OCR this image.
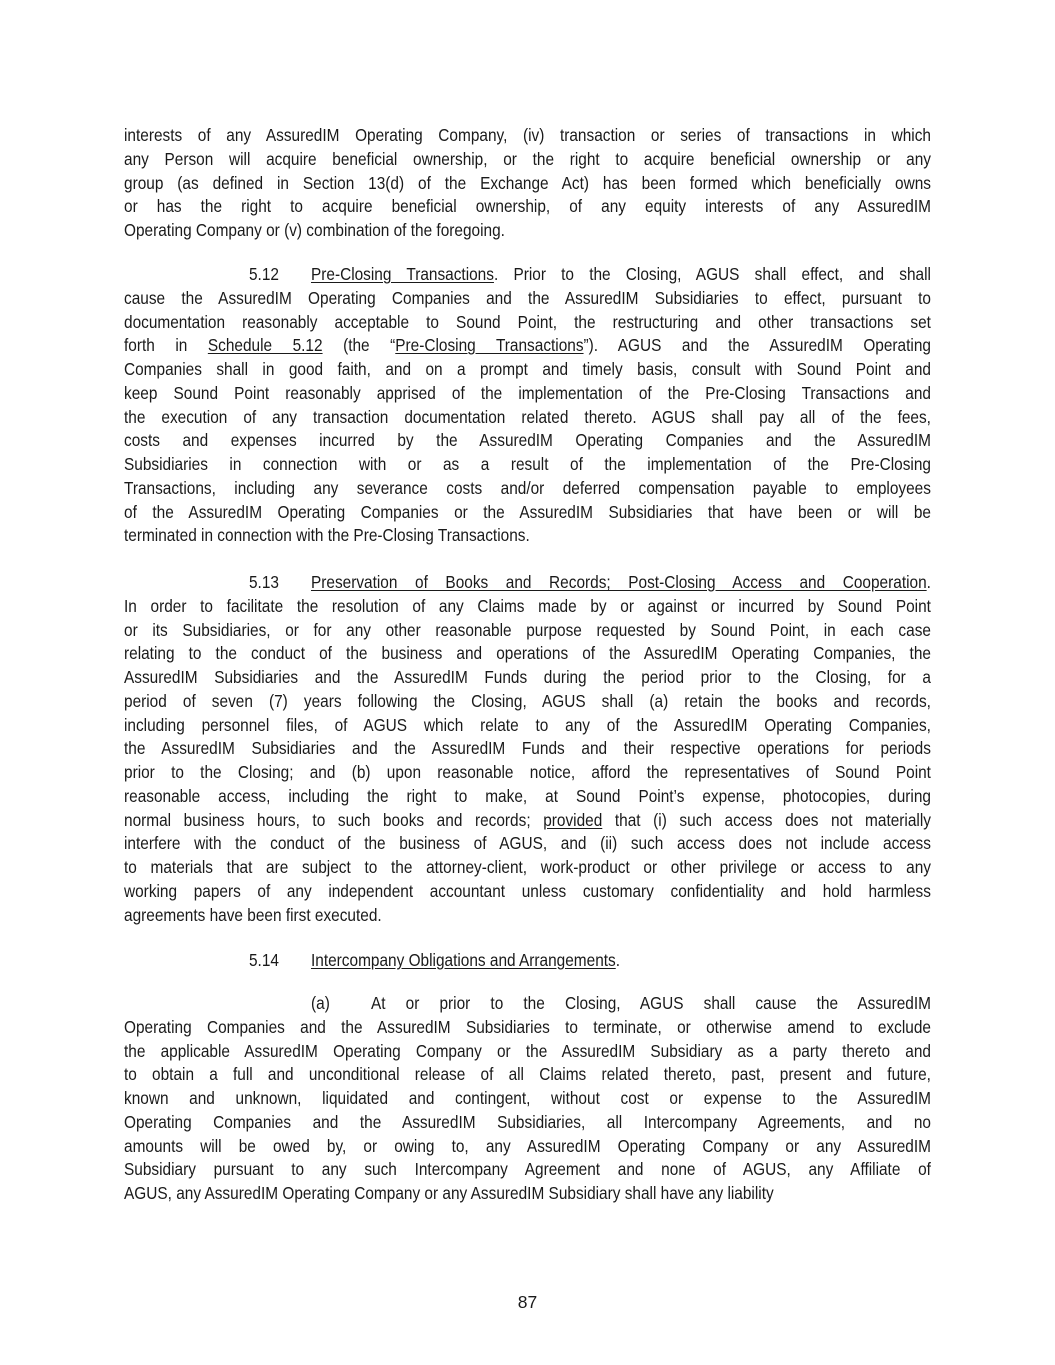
interests of any AssuredIM Operating Company, (iv) transaction or series of transactions in which
any Person will acquire beneficial ownership, or the right to acquire beneficial ownership or any
group (as defined in Section 13(d) of the Exchange Act) has been formed which beneficially owns
or has the right to acquire beneficial ownership, of any equity interests of any AssuredIM
Operating Company or (v) combination of the foregoing.
5.12 Pre-Closing Transactions. Prior to the Closing, AGUS shall effect, and shall
cause the AssuredIM Operating Companies and the AssuredIM Subsidiaries to effect, pursuant to
documentation reasonably acceptable to Sound Point, the restructuring and other transactions set
forth in Schedule 5.12 (the “Pre-Closing Transactions”). AGUS and the AssuredIM Operating
Companies shall in good faith, and on a prompt and timely basis, consult with Sound Point and
keep Sound Point reasonably apprised of the implementation of the Pre-Closing Transactions and
the execution of any transaction documentation related thereto. AGUS shall pay all of the fees,
costs and expenses incurred by the AssuredIM Operating Companies and the AssuredIM
Subsidiaries in connection with or as a result of the implementation of the Pre-Closing
Transactions, including any severance costs and/or deferred compensation payable to employees
of the AssuredIM Operating Companies or the AssuredIM Subsidiaries that have been or will be
terminated in connection with the Pre-Closing Transactions.
5.13 Preservation of Books and Records; Post-Closing Access and Cooperation.
In order to facilitate the resolution of any Claims made by or against or incurred by Sound Point
or its Subsidiaries, or for any other reasonable purpose requested by Sound Point, in each case
relating to the conduct of the business and operations of the AssuredIM Operating Companies, the
AssuredIM Subsidiaries and the AssuredIM Funds during the period prior to the Closing, for a
period of seven (7) years following the Closing, AGUS shall (a) retain the books and records,
including personnel files, of AGUS which relate to any of the AssuredIM Operating Companies,
the AssuredIM Subsidiaries and the AssuredIM Funds and their respective operations for periods
prior to the Closing; and (b) upon reasonable notice, afford the representatives of Sound Point
reasonable access, including the right to make, at Sound Point’s expense, photocopies, during
normal business hours, to such books and records; provided that (i) such access does not materially
interfere with the conduct of the business of AGUS, and (ii) such access does not include access
to materials that are subject to the attorney-client, work-product or other privilege or access to any
working papers of any independent accountant unless customary confidentiality and hold harmless
agreements have been first executed.
5.14 Intercompany Obligations and Arrangements.
(a) At or prior to the Closing, AGUS shall cause the AssuredIM
Operating Companies and the AssuredIM Subsidiaries to terminate, or otherwise amend to exclude
the applicable AssuredIM Operating Company or the AssuredIM Subsidiary as a party thereto and
to obtain a full and unconditional release of all Claims related thereto, past, present and future,
known and unknown, liquidated and contingent, without cost or expense to the AssuredIM
Operating Companies and the AssuredIM Subsidiaries, all Intercompany Agreements, and no
amounts will be owed by, or owing to, any AssuredIM Operating Company or any AssuredIM
Subsidiary pursuant to any such Intercompany Agreement and none of AGUS, any Affiliate of
AGUS, any AssuredIM Operating Company or any AssuredIM Subsidiary shall have any liability
87
